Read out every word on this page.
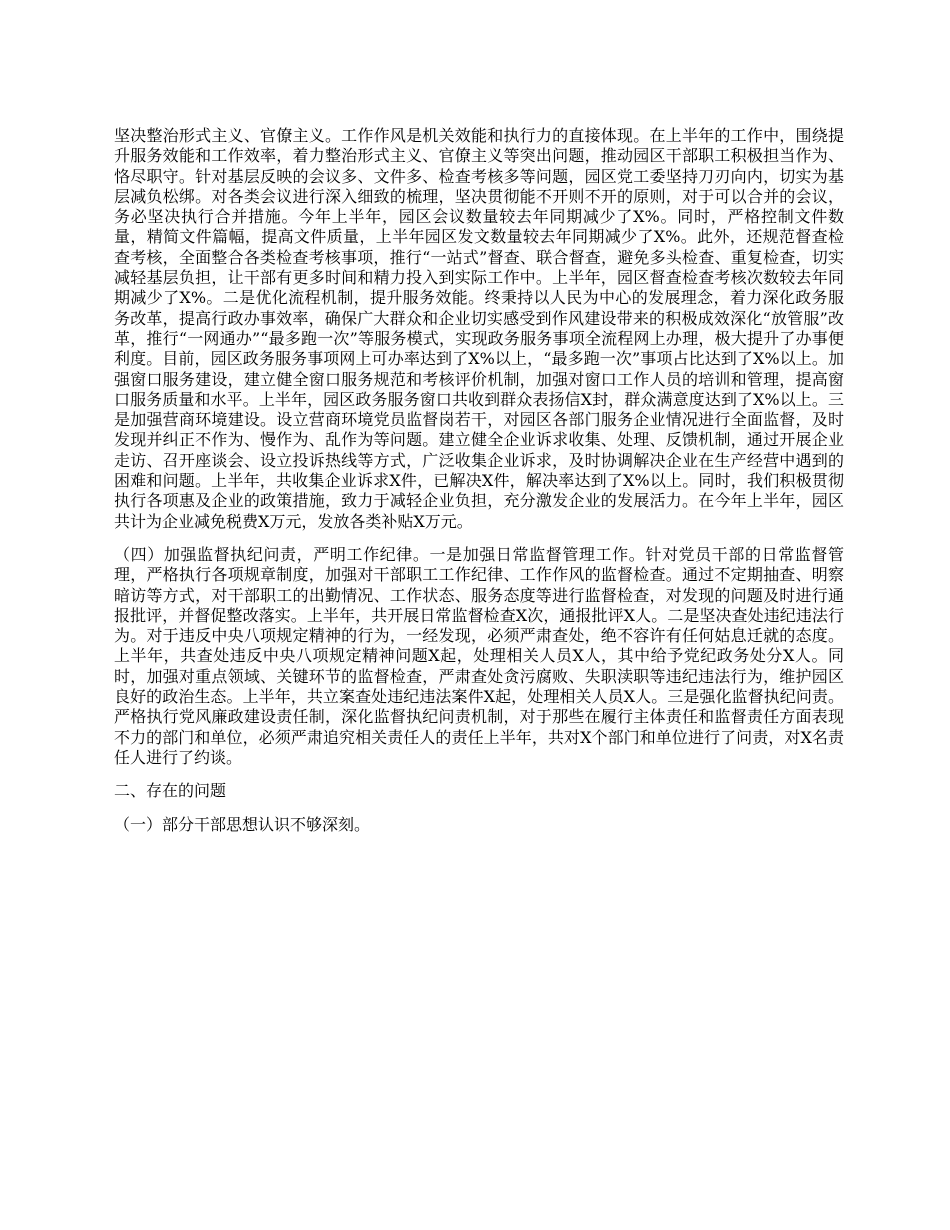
坚决整治形式主义、官僚主义。工作作风是机关效能和执行力的直接体现。在上半年的工作中，围绕提升服务效能和工作效率，着力整治形式主义、官僚主义等突出问题，推动园区干部职工积极担当作为、恪尽职守。针对基层反映的会议多、文件多、检查考核多等问题，园区党工委坚持刀刃向内，切实为基层减负松绑。对各类会议进行深入细致的梳理，坚决贯彻能不开则不开的原则，对于可以合并的会议，务必坚决执行合并措施。今年上半年，园区会议数量较去年同期减少了X%。同时，严格控制文件数量，精简文件篇幅，提高文件质量，上半年园区发文数量较去年同期减少了X%。此外，还规范督查检查考核，全面整合各类检查考核事项，推行“一站式”督查、联合督查，避免多头检查、重复检查，切实减轻基层负担，让干部有更多时间和精力投入到实际工作中。上半年，园区督查检查考核次数较去年同期减少了X%。二是优化流程机制，提升服务效能。终秉持以人民为中心的发展理念，着力深化政务服务改革，提高行政办事效率，确保广大群众和企业切实感受到作风建设带来的积极成效深化“放管服”改革，推行“一网通办”“最多跑一次”等服务模式，实现政务服务事项全流程网上办理，极大提升了办事便利度。目前，园区政务服务事项网上可办率达到了X%以上，“最多跑一次”事项占比达到了X%以上。加强窗口服务建设，建立健全窗口服务规范和考核评价机制，加强对窗口工作人员的培训和管理，提高窗口服务质量和水平。上半年，园区政务服务窗口共收到群众表扬信X封，群众满意度达到了X%以上。三是加强营商环境建设。设立营商环境党员监督岗若干，对园区各部门服务企业情况进行全面监督，及时发现并纠正不作为、慢作为、乱作为等问题。建立健全企业诉求收集、处理、反馈机制，通过开展企业走访、召开座谈会、设立投诉热线等方式，广泛收集企业诉求，及时协调解决企业在生产经营中遇到的困难和问题。上半年，共收集企业诉求X件，已解决X件，解决率达到了X%以上。同时，我们积极贯彻执行各项惠及企业的政策措施，致力于减轻企业负担，充分激发企业的发展活力。在今年上半年，园区共计为企业减免税费X万元，发放各类补贴X万元。

（四）加强监督执纪问责，严明工作纪律。一是加强日常监督管理工作。针对党员干部的日常监督管理，严格执行各项规章制度，加强对干部职工工作纪律、工作作风的监督检查。通过不定期抽查、明察暗访等方式，对干部职工的出勤情况、工作状态、服务态度等进行监督检查，对发现的问题及时进行通报批评，并督促整改落实。上半年，共开展日常监督检查X次，通报批评X人。二是坚决查处违纪违法行为。对于违反中央八项规定精神的行为，一经发现，必须严肃查处，绝不容许有任何姑息迁就的态度。上半年，共查处违反中央八项规定精神问题X起，处理相关人员X人，其中给予党纪政务处分X人。同时，加强对重点领域、关键环节的监督检查，严肃查处贪污腐败、失职渎职等违纪违法行为，维护园区良好的政治生态。上半年，共立案查处违纪违法案件X起，处理相关人员X人。三是强化监督执纪问责。严格执行党风廉政建设责任制，深化监督执纪问责机制，对于那些在履行主体责任和监督责任方面表现不力的部门和单位，必须严肃追究相关责任人的责任上半年，共对X个部门和单位进行了问责，对X名责任人进行了约谈。

二、存在的问题

（一）部分干部思想认识不够深刻。
